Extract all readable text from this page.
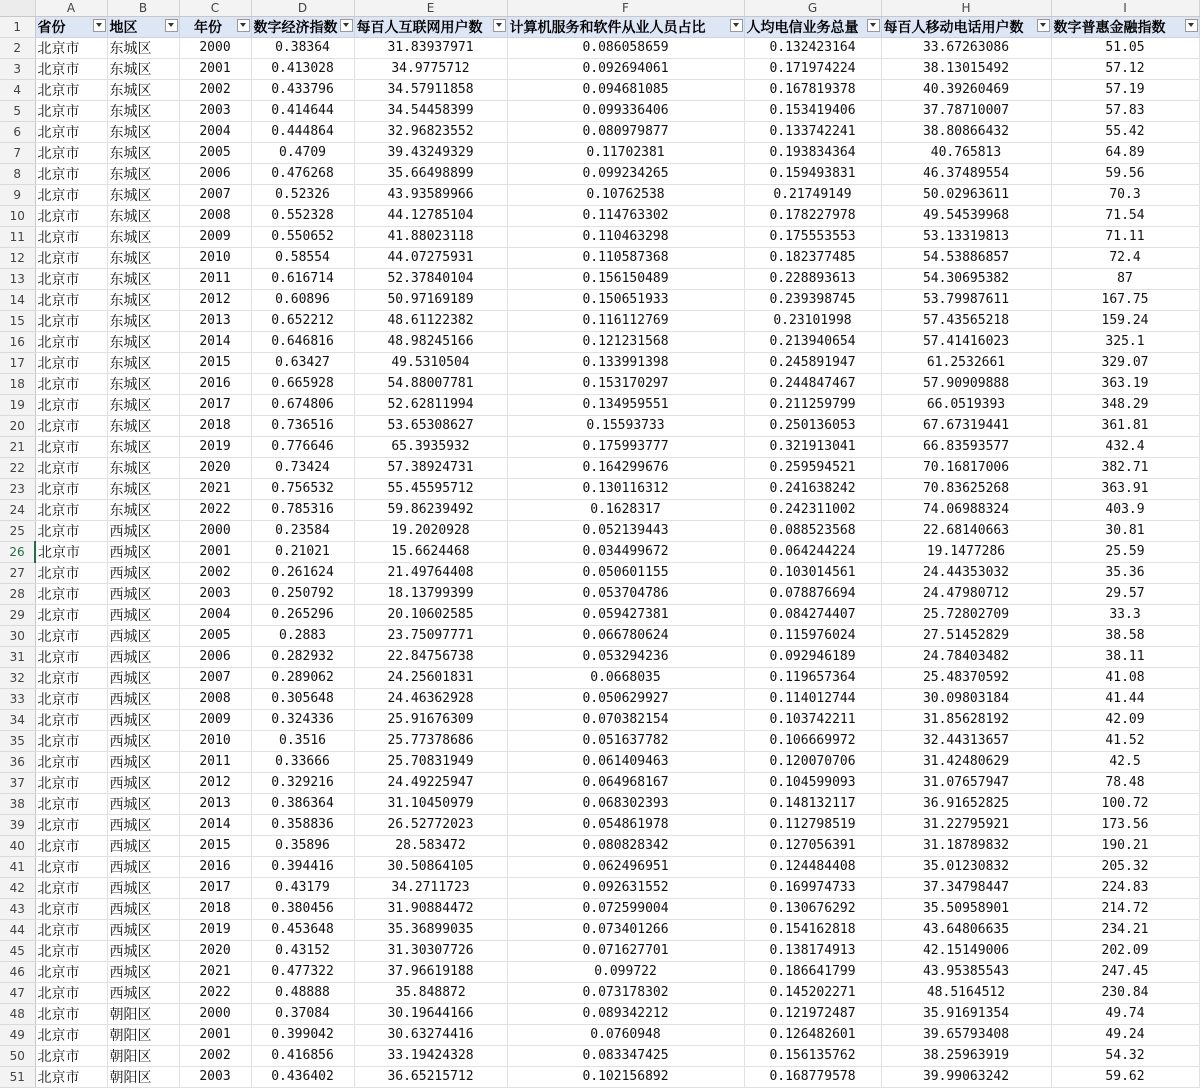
	A	B	C	D	E	F	G	H	I
1	省份	地区	年份	数字经济指数	每百人互联网用户数	计算机服务和软件从业人员占比	人均电信业务总量	每百人移动电话用户数	数字普惠金融指数

2	北京市	东城区	2000	0.38364	31.83937971	0.086058659	0.132423164	33.67263086	51.05
3	北京市	东城区	2001	0.413028	34.9775712	0.092694061	0.171974224	38.13015492	57.12
4	北京市	东城区	2002	0.433796	34.57911858	0.094681085	0.167819378	40.39260469	57.19
5	北京市	东城区	2003	0.414644	34.54458399	0.099336406	0.153419406	37.78710007	57.83
6	北京市	东城区	2004	0.444864	32.96823552	0.080979877	0.133742241	38.80866432	55.42
7	北京市	东城区	2005	0.4709	39.43249329	0.11702381	0.193834364	40.765813	64.89
8	北京市	东城区	2006	0.476268	35.66498899	0.099234265	0.159493831	46.37489554	59.56
9	北京市	东城区	2007	0.52326	43.93589966	0.10762538	0.21749149	50.02963611	70.3
10	北京市	东城区	2008	0.552328	44.12785104	0.114763302	0.178227978	49.54539968	71.54
11	北京市	东城区	2009	0.550652	41.88023118	0.110463298	0.175553553	53.13319813	71.11
12	北京市	东城区	2010	0.58554	44.07275931	0.110587368	0.182377485	54.53886857	72.4
13	北京市	东城区	2011	0.616714	52.37840104	0.156150489	0.228893613	54.30695382	87
14	北京市	东城区	2012	0.60896	50.97169189	0.150651933	0.239398745	53.79987611	167.75
15	北京市	东城区	2013	0.652212	48.61122382	0.116112769	0.23101998	57.43565218	159.24
16	北京市	东城区	2014	0.646816	48.98245166	0.121231568	0.213940654	57.41416023	325.1
17	北京市	东城区	2015	0.63427	49.5310504	0.133991398	0.245891947	61.2532661	329.07
18	北京市	东城区	2016	0.665928	54.88007781	0.153170297	0.244847467	57.90909888	363.19
19	北京市	东城区	2017	0.674806	52.62811994	0.134959551	0.211259799	66.0519393	348.29
20	北京市	东城区	2018	0.736516	53.65308627	0.15593733	0.250136053	67.67319441	361.81
21	北京市	东城区	2019	0.776646	65.3935932	0.175993777	0.321913041	66.83593577	432.4
22	北京市	东城区	2020	0.73424	57.38924731	0.164299676	0.259594521	70.16817006	382.71
23	北京市	东城区	2021	0.756532	55.45595712	0.130116312	0.241638242	70.83625268	363.91
24	北京市	东城区	2022	0.785316	59.86239492	0.1628317	0.242311002	74.06988324	403.9
25	北京市	西城区	2000	0.23584	19.2020928	0.052139443	0.088523568	22.68140663	30.81
26	北京市	西城区	2001	0.21021	15.6624468	0.034499672	0.064244224	19.1477286	25.59
27	北京市	西城区	2002	0.261624	21.49764408	0.050601155	0.103014561	24.44353032	35.36
28	北京市	西城区	2003	0.250792	18.13799399	0.053704786	0.078876694	24.47980712	29.57
29	北京市	西城区	2004	0.265296	20.10602585	0.059427381	0.084274407	25.72802709	33.3
30	北京市	西城区	2005	0.2883	23.75097771	0.066780624	0.115976024	27.51452829	38.58
31	北京市	西城区	2006	0.282932	22.84756738	0.053294236	0.092946189	24.78403482	38.11
32	北京市	西城区	2007	0.289062	24.25601831	0.0668035	0.119657364	25.48370592	41.08
33	北京市	西城区	2008	0.305648	24.46362928	0.050629927	0.114012744	30.09803184	41.44
34	北京市	西城区	2009	0.324336	25.91676309	0.070382154	0.103742211	31.85628192	42.09
35	北京市	西城区	2010	0.3516	25.77378686	0.051637782	0.106669972	32.44313657	41.52
36	北京市	西城区	2011	0.33666	25.70831949	0.061409463	0.120070706	31.42480629	42.5
37	北京市	西城区	2012	0.329216	24.49225947	0.064968167	0.104599093	31.07657947	78.48
38	北京市	西城区	2013	0.386364	31.10450979	0.068302393	0.148132117	36.91652825	100.72
39	北京市	西城区	2014	0.358836	26.52772023	0.054861978	0.112798519	31.22795921	173.56
40	北京市	西城区	2015	0.35896	28.583472	0.080828342	0.127056391	31.18789832	190.21
41	北京市	西城区	2016	0.394416	30.50864105	0.062496951	0.124484408	35.01230832	205.32
42	北京市	西城区	2017	0.43179	34.2711723	0.092631552	0.169974733	37.34798447	224.83
43	北京市	西城区	2018	0.380456	31.90884472	0.072599004	0.130676292	35.50958901	214.72
44	北京市	西城区	2019	0.453648	35.36899035	0.073401266	0.154162818	43.64806635	234.21
45	北京市	西城区	2020	0.43152	31.30307726	0.071627701	0.138174913	42.15149006	202.09
46	北京市	西城区	2021	0.477322	37.96619188	0.099722	0.186641799	43.95385543	247.45
47	北京市	西城区	2022	0.48888	35.848872	0.073178302	0.145202271	48.5164512	230.84
48	北京市	朝阳区	2000	0.37084	30.19644166	0.089342212	0.121972487	35.91691354	49.74
49	北京市	朝阳区	2001	0.399042	30.63274416	0.0760948	0.126482601	39.65793408	49.24
50	北京市	朝阳区	2002	0.416856	33.19424328	0.083347425	0.156135762	38.25963919	54.32
51	北京市	朝阳区	2003	0.436402	36.65215712	0.102156892	0.168779578	39.99063242	59.62
